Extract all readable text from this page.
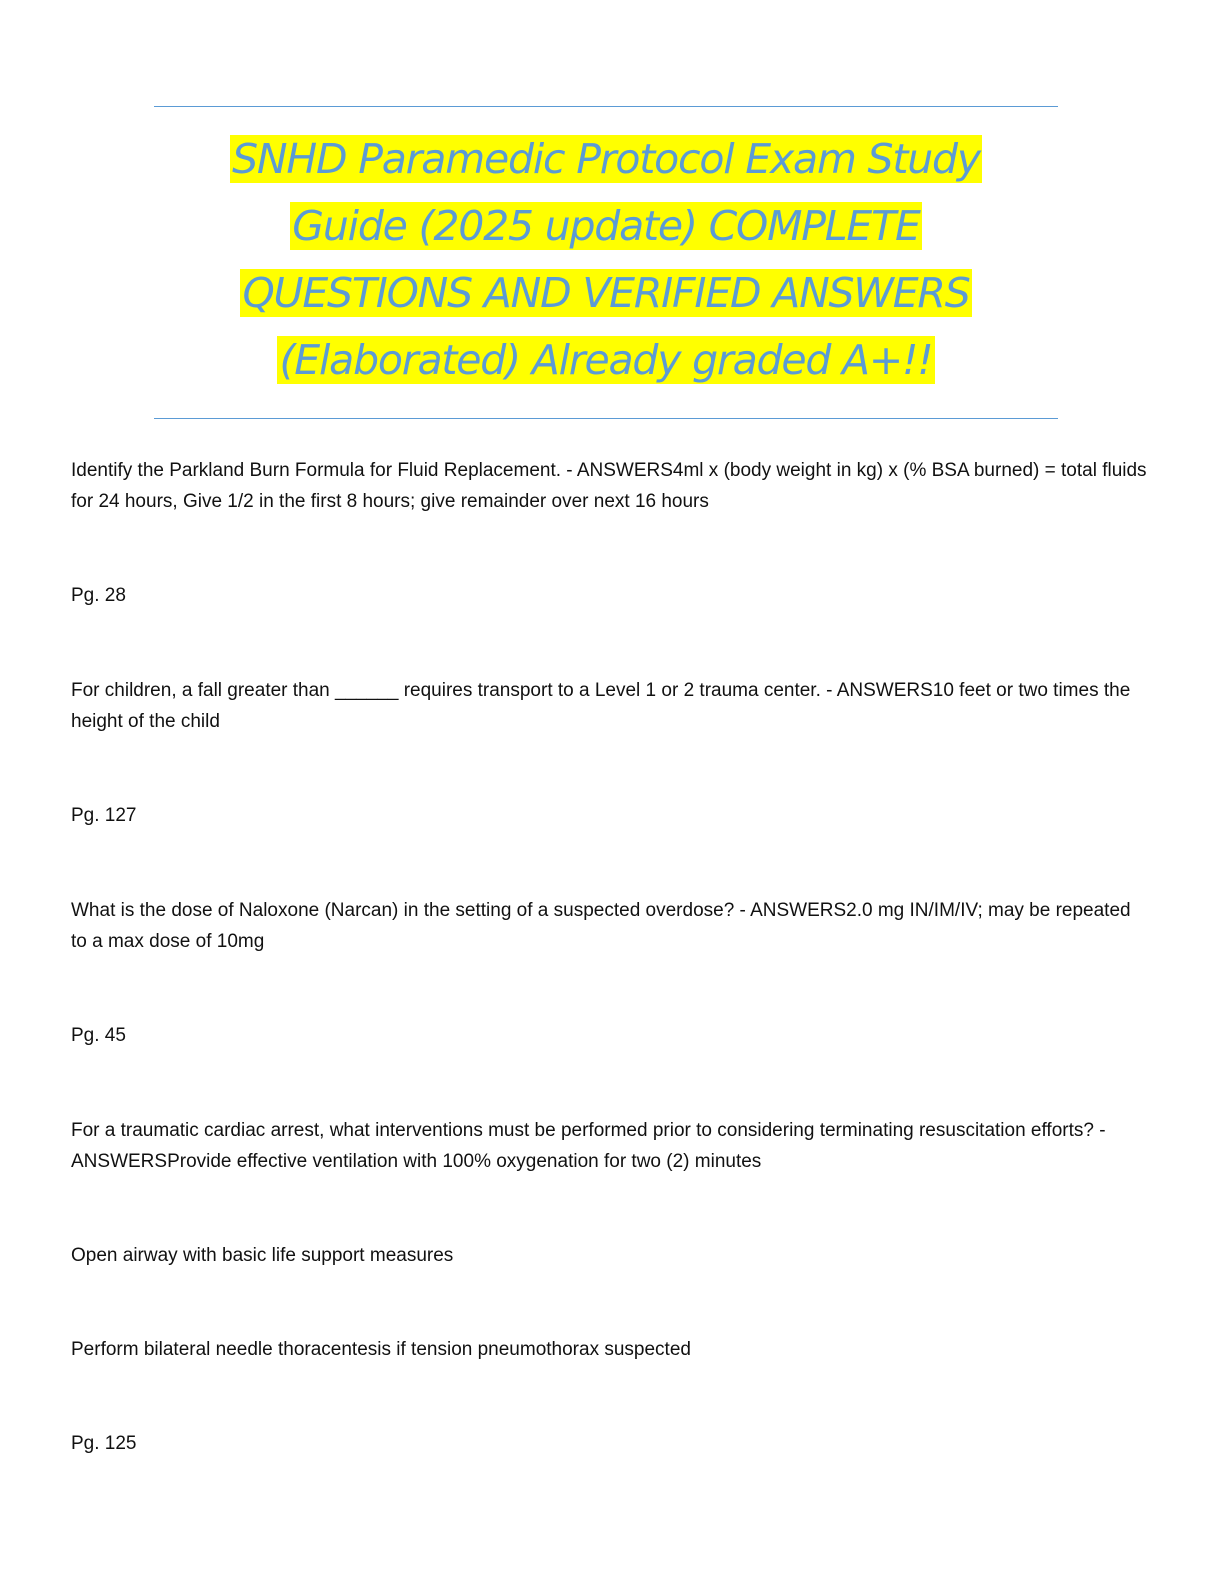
SNHD Paramedic Protocol Exam Study
Guide (2025 update) COMPLETE
QUESTIONS AND VERIFIED ANSWERS
(Elaborated) Already graded A+!!

Identify the Parkland Burn Formula for Fluid Replacement. - ANSWERS4ml x (body weight in kg) x (% BSA burned) = total fluids for 24 hours, Give 1/2 in the first 8 hours; give remainder over next 16 hours

Pg. 28

For children, a fall greater than ______ requires transport to a Level 1 or 2 trauma center. - ANSWERS10 feet or two times the height of the child

Pg. 127

What is the dose of Naloxone (Narcan) in the setting of a suspected overdose? - ANSWERS2.0 mg IN/IM/IV; may be repeated to a max dose of 10mg

Pg. 45

For a traumatic cardiac arrest, what interventions must be performed prior to considering terminating resuscitation efforts? - ANSWERSProvide effective ventilation with 100% oxygenation for two (2) minutes

Open airway with basic life support measures

Perform bilateral needle thoracentesis if tension pneumothorax suspected

Pg. 125
